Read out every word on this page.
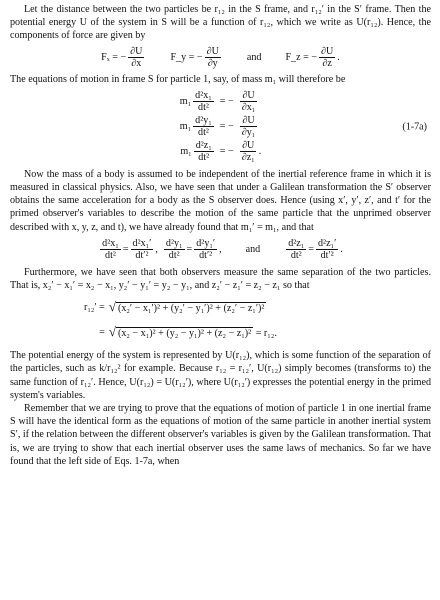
Let the distance between the two particles be r₁₂ in the S frame, and r₁₂′ in the S′ frame. Then the potential energy U of the system in S will be a function of r₁₂, which we write as U(r₁₂). Hence, the components of force are given by

Fₓ = − $\frac{\partial U}{\partial x}$	F_y = − $\frac{\partial U}{\partial y}$	and F_z = − $\frac{\partial U}{\partial z}$ .

The equations of motion in frame S for particle 1, say, of mass m₁ will therefore be

$m_1 \frac{\text{d²x₁}}{\text{dt²}}$	= −	$\frac{\partial U}{\text{∂x₁}}$

$m_1 \frac{\text{d²y₁}}{\text{dt²}}$	= −	$\frac{\partial U}{\text{∂y₁}}$

$m_1 \frac{\text{d²z₁}}{\text{dt²}}$	= −	$\frac{\partial U}{\text{∂z₁}}$ .
(1-7a)

Now the mass of a body is assumed to be independent of the inertial reference frame in which it is measured in classical physics. Also, we have seen that under a Galilean transformation the S′ observer obtains the same acceleration for a body as the S observer does. Hence (using x′, y′, z′, and t′ for the primed observer's variables to describe the motion of the same particle that the unprimed observer described with x, y, z, and t), we have already found that m₁′ = m₁, and that

$\frac{\text{d²x₁}}{\text{dt²}} = \frac{\text{d²x₁′}}{\text{dt′²}}$ , $\frac{\text{d²y₁}}{\text{dt²}} = \frac{\text{d²y₁′}}{\text{dt′²}}$ , and	$\frac{\text{d²z₁}}{\text{dt²}} = \frac{\text{d²z₁′}}{\text{dt′²}}$ .

Furthermore, we have seen that both observers measure the same separation of the two particles. That is, x₂′ − x₁′ = x₂ − x₁, y₂′ − y₁′ = y₂ − y₁, and z₂′ − z₁′ = z₂ − z₁ so that

r₁₂′ =	√ (x₂′ − x₁′)² + (y₂′ − y₁′)² + (z₂′ − z₁′)²
=	√ (x₂ − x₁)² + (y₂ − y₁)² + (z₂ − z₁)² = r₁₂.

The potential energy of the system is represented by U(r₁₂), which is some function of the separation of the particles, such as k/r₁₂² for example. Because r₁₂ = r₁₂′, U(r₁₂) simply becomes (transforms to) the same function of r₁₂′. Hence, U(r₁₂) = U(r₁₂′), where U(r₁₂′) expresses the potential energy in the primed system's variables.

Remember that we are trying to prove that the equations of motion of particle 1 in one inertial frame S will have the identical form as the equations of motion of the same particle in another inertial system S′, if the relation between the different observer's variables is given by the Galilean transformation. That is, we are trying to show that each inertial observer uses the same laws of mechanics. So far we have found that the left side of Eqs. 1-7a, when
